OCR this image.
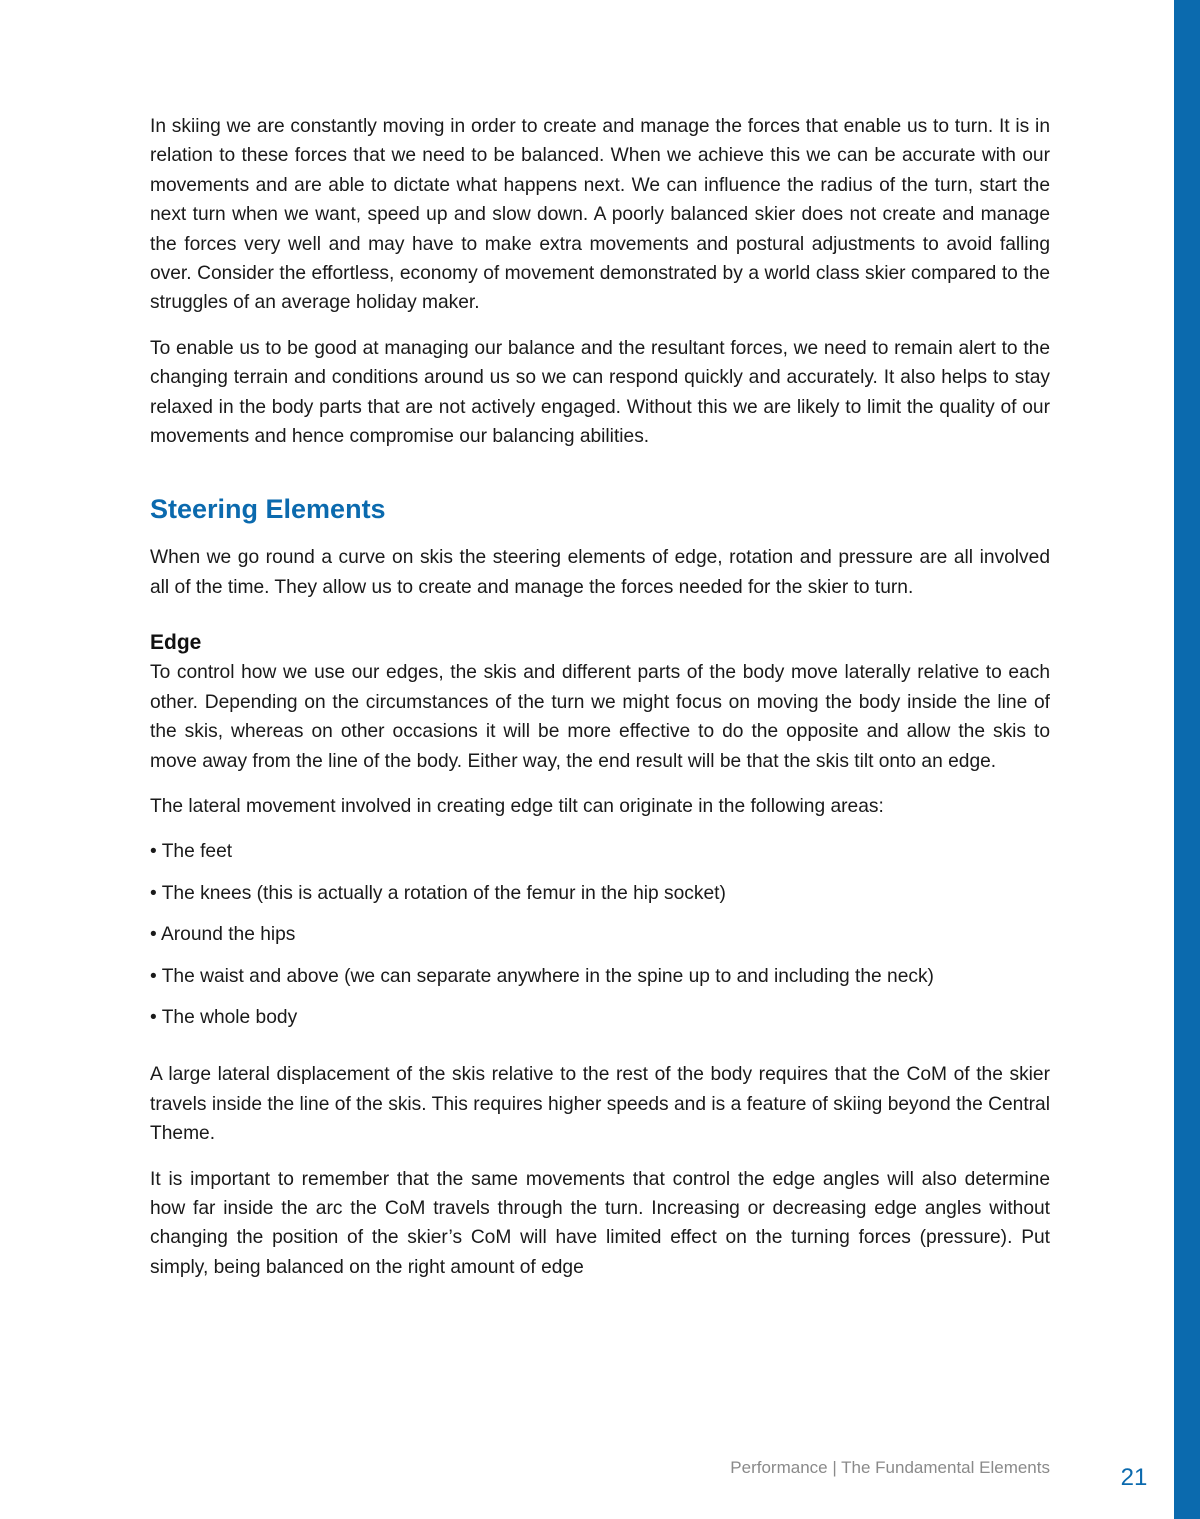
In skiing we are constantly moving in order to create and manage the forces that enable us to turn. It is in relation to these forces that we need to be balanced. When we achieve this we can be accurate with our movements and are able to dictate what happens next. We can influence the radius of the turn, start the next turn when we want, speed up and slow down. A poorly balanced skier does not create and manage the forces very well and may have to make extra movements and postural adjustments to avoid falling over. Consider the effortless, economy of movement demonstrated by a world class skier compared to the struggles of an average holiday maker.

To enable us to be good at managing our balance and the resultant forces, we need to remain alert to the changing terrain and conditions around us so we can respond quickly and accurately. It also helps to stay relaxed in the body parts that are not actively engaged. Without this we are likely to limit the quality of our movements and hence compromise our balancing abilities.

Steering Elements

When we go round a curve on skis the steering elements of edge, rotation and pressure are all involved all of the time. They allow us to create and manage the forces needed for the skier to turn.

Edge

To control how we use our edges, the skis and different parts of the body move laterally relative to each other. Depending on the circumstances of the turn we might focus on moving the body inside the line of the skis, whereas on other occasions it will be more effective to do the opposite and allow the skis to move away from the line of the body. Either way, the end result will be that the skis tilt onto an edge.

The lateral movement involved in creating edge tilt can originate in the following areas:

• The feet
• The knees (this is actually a rotation of the femur in the hip socket)
• Around the hips
• The waist and above (we can separate anywhere in the spine up to and including the neck)
• The whole body

A large lateral displacement of the skis relative to the rest of the body requires that the CoM of the skier travels inside the line of the skis. This requires higher speeds and is a feature of skiing beyond the Central Theme.

It is important to remember that the same movements that control the edge angles will also determine how far inside the arc the CoM travels through the turn. Increasing or decreasing edge angles without changing the position of the skier’s CoM will have limited effect on the turning forces (pressure). Put simply, being balanced on the right amount of edge

Performance | The Fundamental Elements	21
